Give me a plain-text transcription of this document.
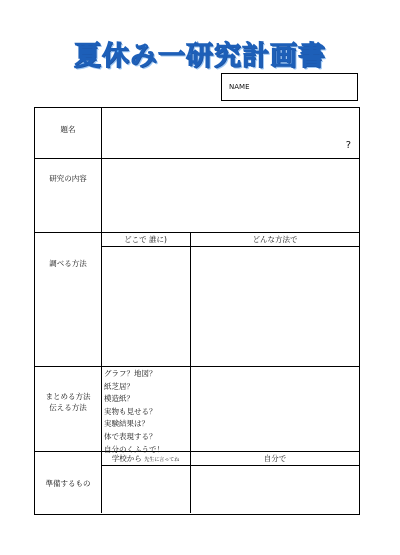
夏休み一研究計画書
NAME
題名
?
研究の内容
調べる方法
どこで 誰に)	どんな方法で
まとめる方法
伝える方法
グラフ？地図？
紙芝居？
模造紙？
実物も見せる？
実験結果は？
体で表現する？
自分のくふうで！
準備するもの
学校から 先生に言ってね	自分で
